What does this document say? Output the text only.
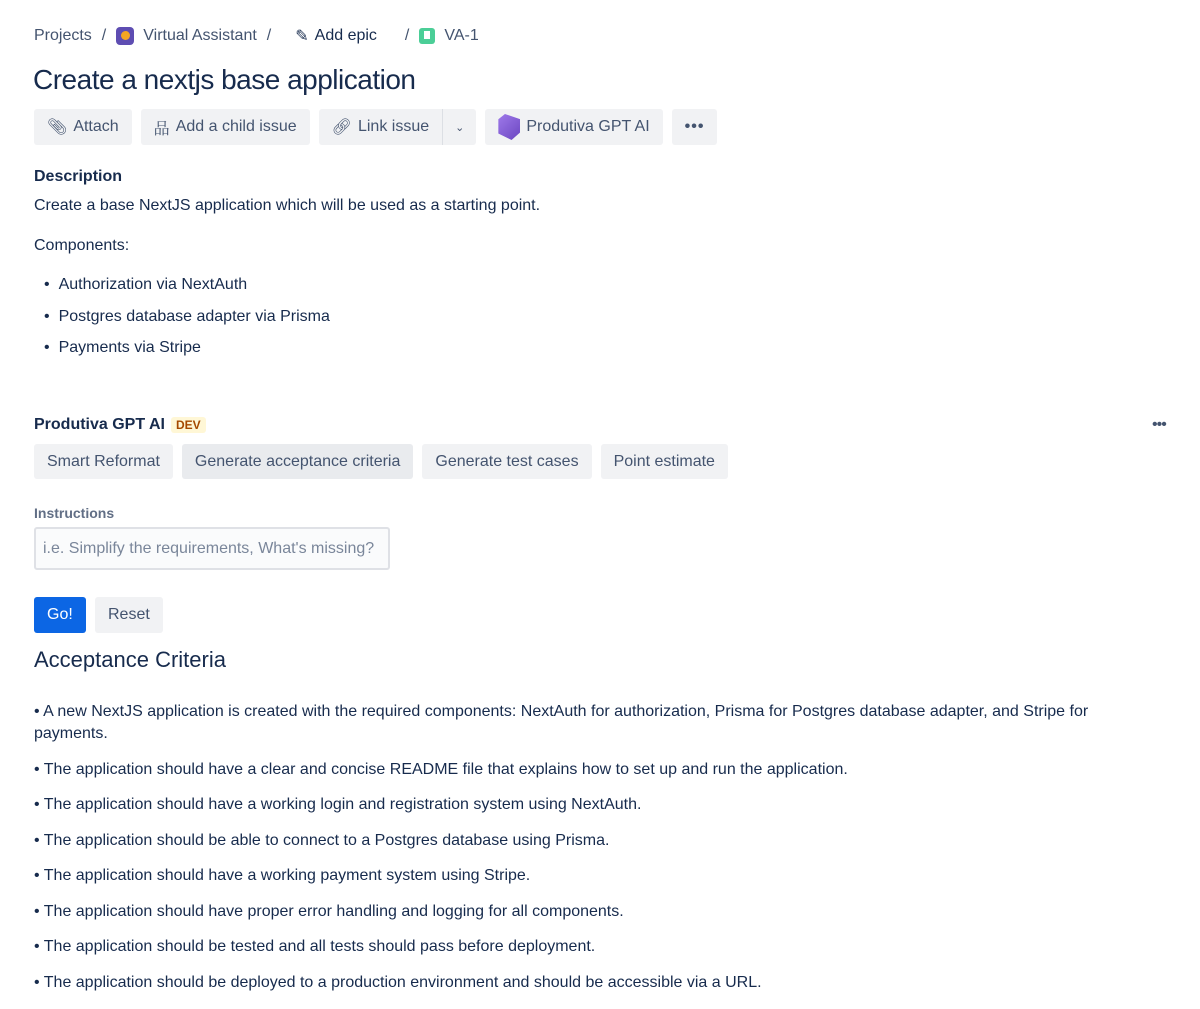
Projects / Virtual Assistant / ✎ Add epic / VA-1
Create a nextjs base application
📎︎ Attach 品 Add a child issue 🔗︎ Link issue ⌄	Produtiva GPT AI •••
Description
Create a base NextJS application which will be used as a starting point.
Components:
• Authorization via NextAuth
• Postgres database adapter via Prisma
• Payments via Stripe
Produtiva GPT AI DEV	•••
Smart Reformat	Generate acceptance criteria	Generate test cases	Point estimate
Instructions
i.e. Simplify the requirements, What's missing?
Go!	Reset
Acceptance Criteria
• A new NextJS application is created with the required components: NextAuth for authorization, Prisma for Postgres database adapter, and Stripe for payments.
• The application should have a clear and concise README file that explains how to set up and run the application.
• The application should have a working login and registration system using NextAuth.
• The application should be able to connect to a Postgres database using Prisma.
• The application should have a working payment system using Stripe.
• The application should have proper error handling and logging for all components.
• The application should be tested and all tests should pass before deployment.
• The application should be deployed to a production environment and should be accessible via a URL.
